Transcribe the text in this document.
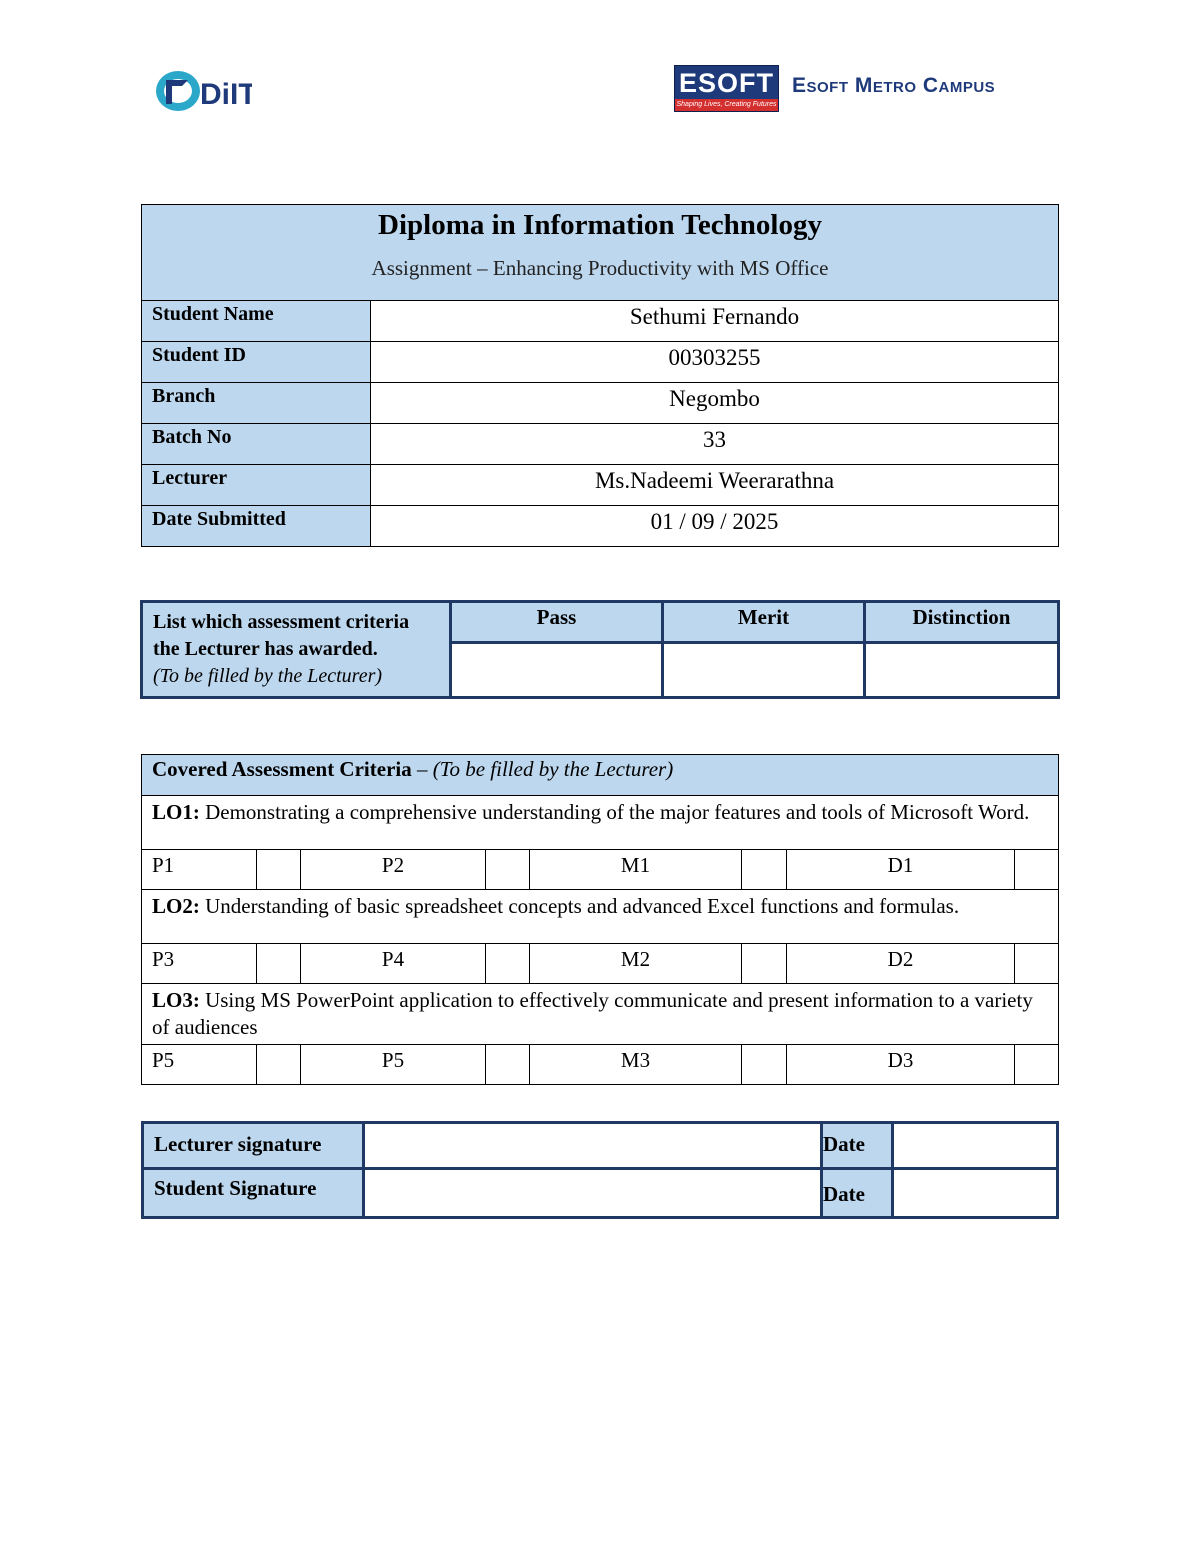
DiIT	ESOFT
Shaping Lives, Creating Futures
Esoft Metro Campus
Diploma in Information Technology
Assignment – Enhancing Productivity with MS Office	

Student Name	Sethumi Fernando
Student ID	00303255
Branch	Negombo
Batch No	33
Lecturer	Ms.Nadeemi Weerarathna
Date Submitted	01 / 09 / 2025
List which assessment criteria the Lecturer has awarded.
(To be filled by the Lecturer)	Pass	Merit	Distinction

Covered Assessment Criteria – (To be filled by the Lecturer)							
LO1: Demonstrating a comprehensive understanding of the major features and tools of Microsoft Word.							
P1		P2		M1		D1	
LO2: Understanding of basic spreadsheet concepts and advanced Excel functions and formulas.							
P3		P4		M2		D2	
LO3: Using MS PowerPoint application to effectively communicate and present information to a variety of audiences							
P5		P5		M3		D3	
Lecturer signature		Date	
Student Signature		Date	
